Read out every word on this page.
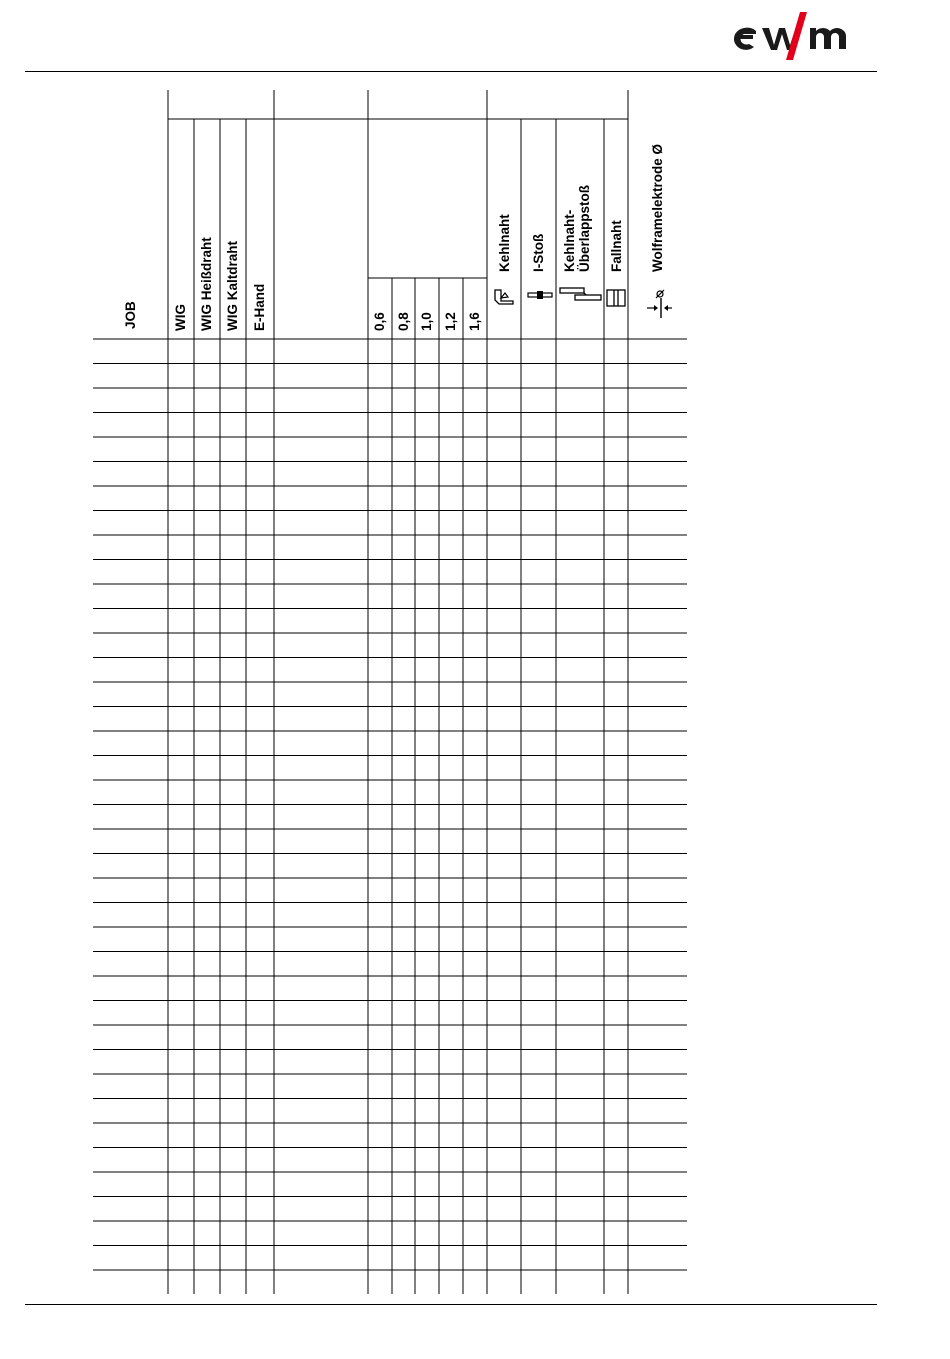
JOB	WIG WIG Heißdraht WIG Kaltdraht E-Hand	0,6 0,8 1,0 1,2 1,6
Kehlnaht I-Stoß Kehlnaht-
Überlappstoß Fallnaht Wolframelektrode Ø
